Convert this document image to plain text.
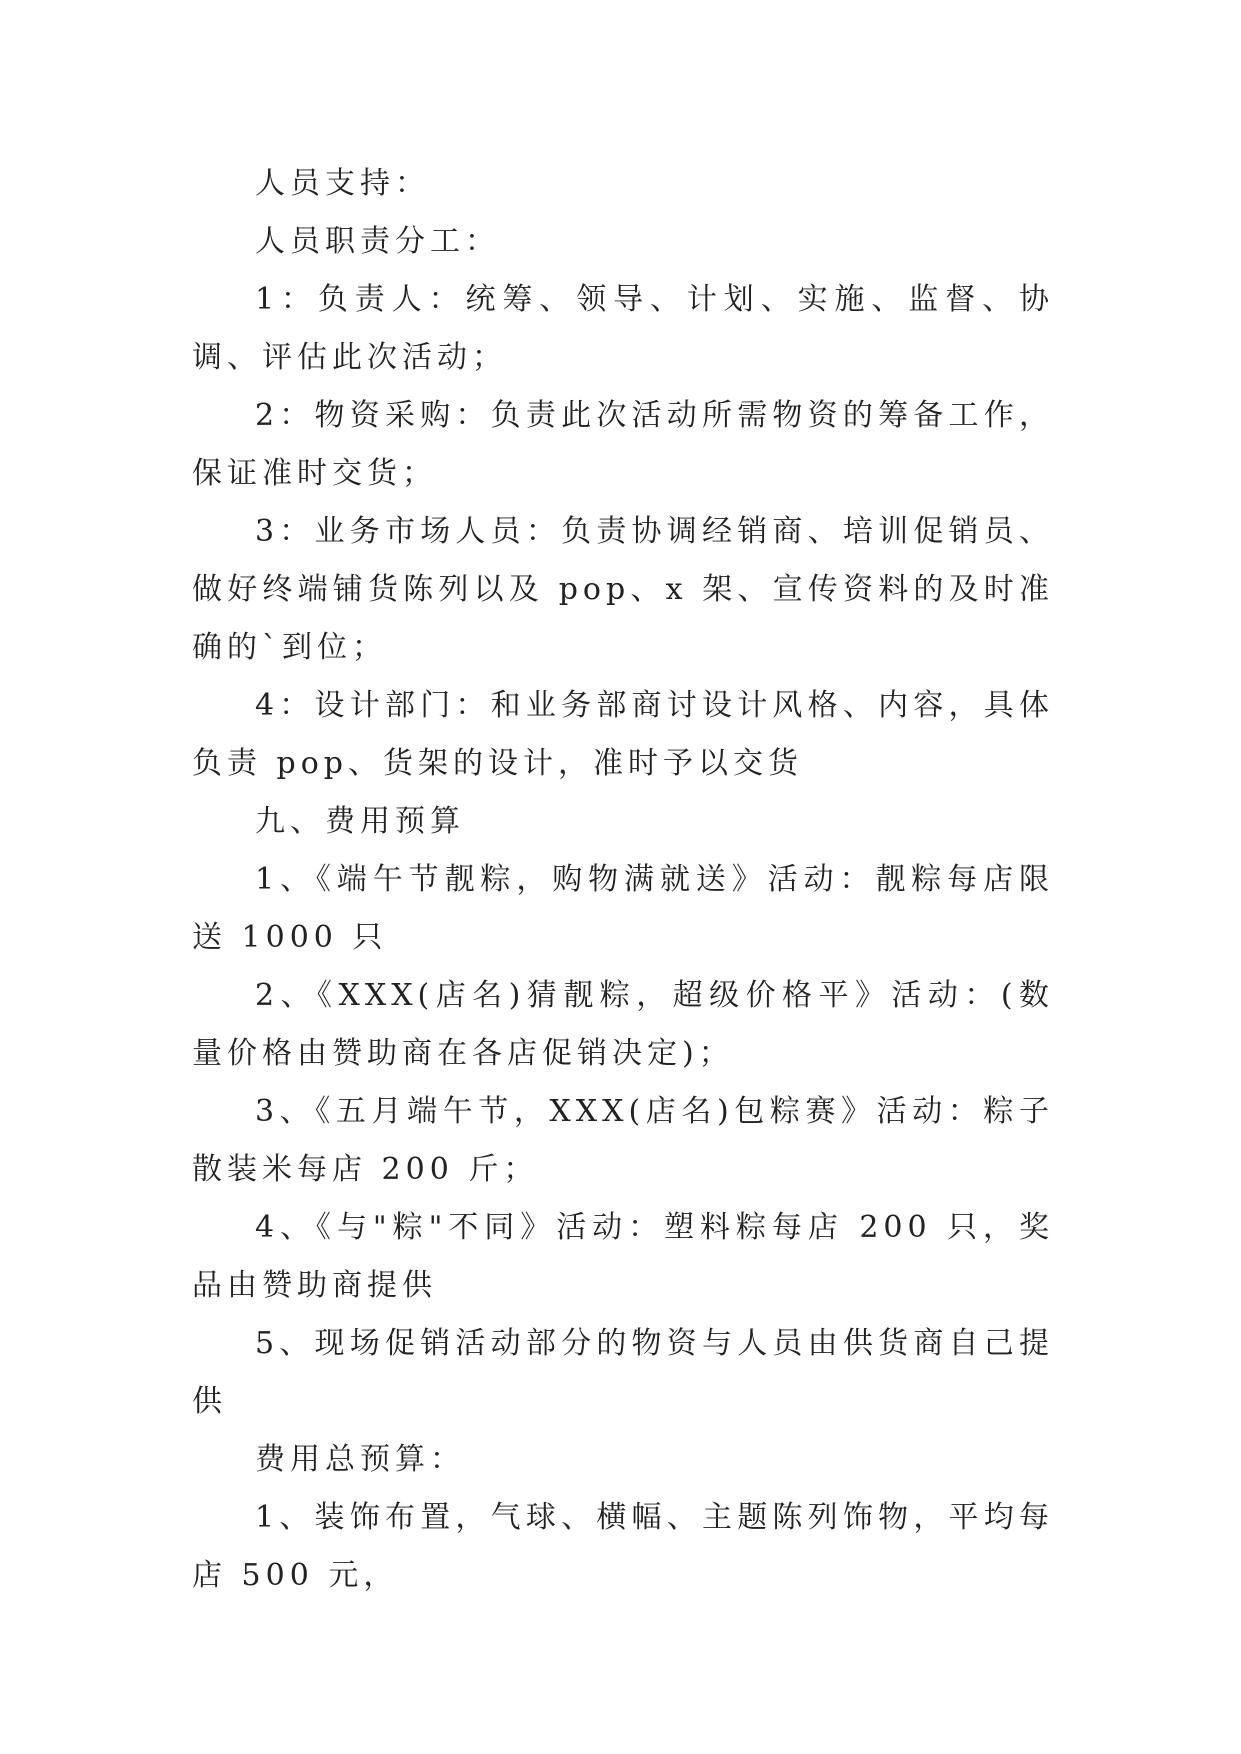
人员支持：

人员职责分工：

1：负责人：统筹、领导、计划、实施、监督、协调、评估此次活动；

2：物资采购：负责此次活动所需物资的筹备工作，保证准时交货；

3：业务市场人员：负责协调经销商、培训促销员、做好终端铺货陈列以及 pop、x 架、宣传资料的及时准确的`到位；

4：设计部门：和业务部商讨设计风格、内容，具体负责 pop、货架的设计，准时予以交货

九、费用预算

1、《端午节靓粽，购物满就送》活动：靓粽每店限送 1000 只

2、《XXX(店名)猜靓粽，超级价格平》活动：(数量价格由赞助商在各店促销决定)；

3、《五月端午节，XXX(店名)包粽赛》活动：粽子散装米每店 200 斤；

4、《与"粽"不同》活动：塑料粽每店 200 只，奖品由赞助商提供

5、现场促销活动部分的物资与人员由供货商自己提供

费用总预算：

1、装饰布置，气球、横幅、主题陈列饰物，平均每店 500 元，
